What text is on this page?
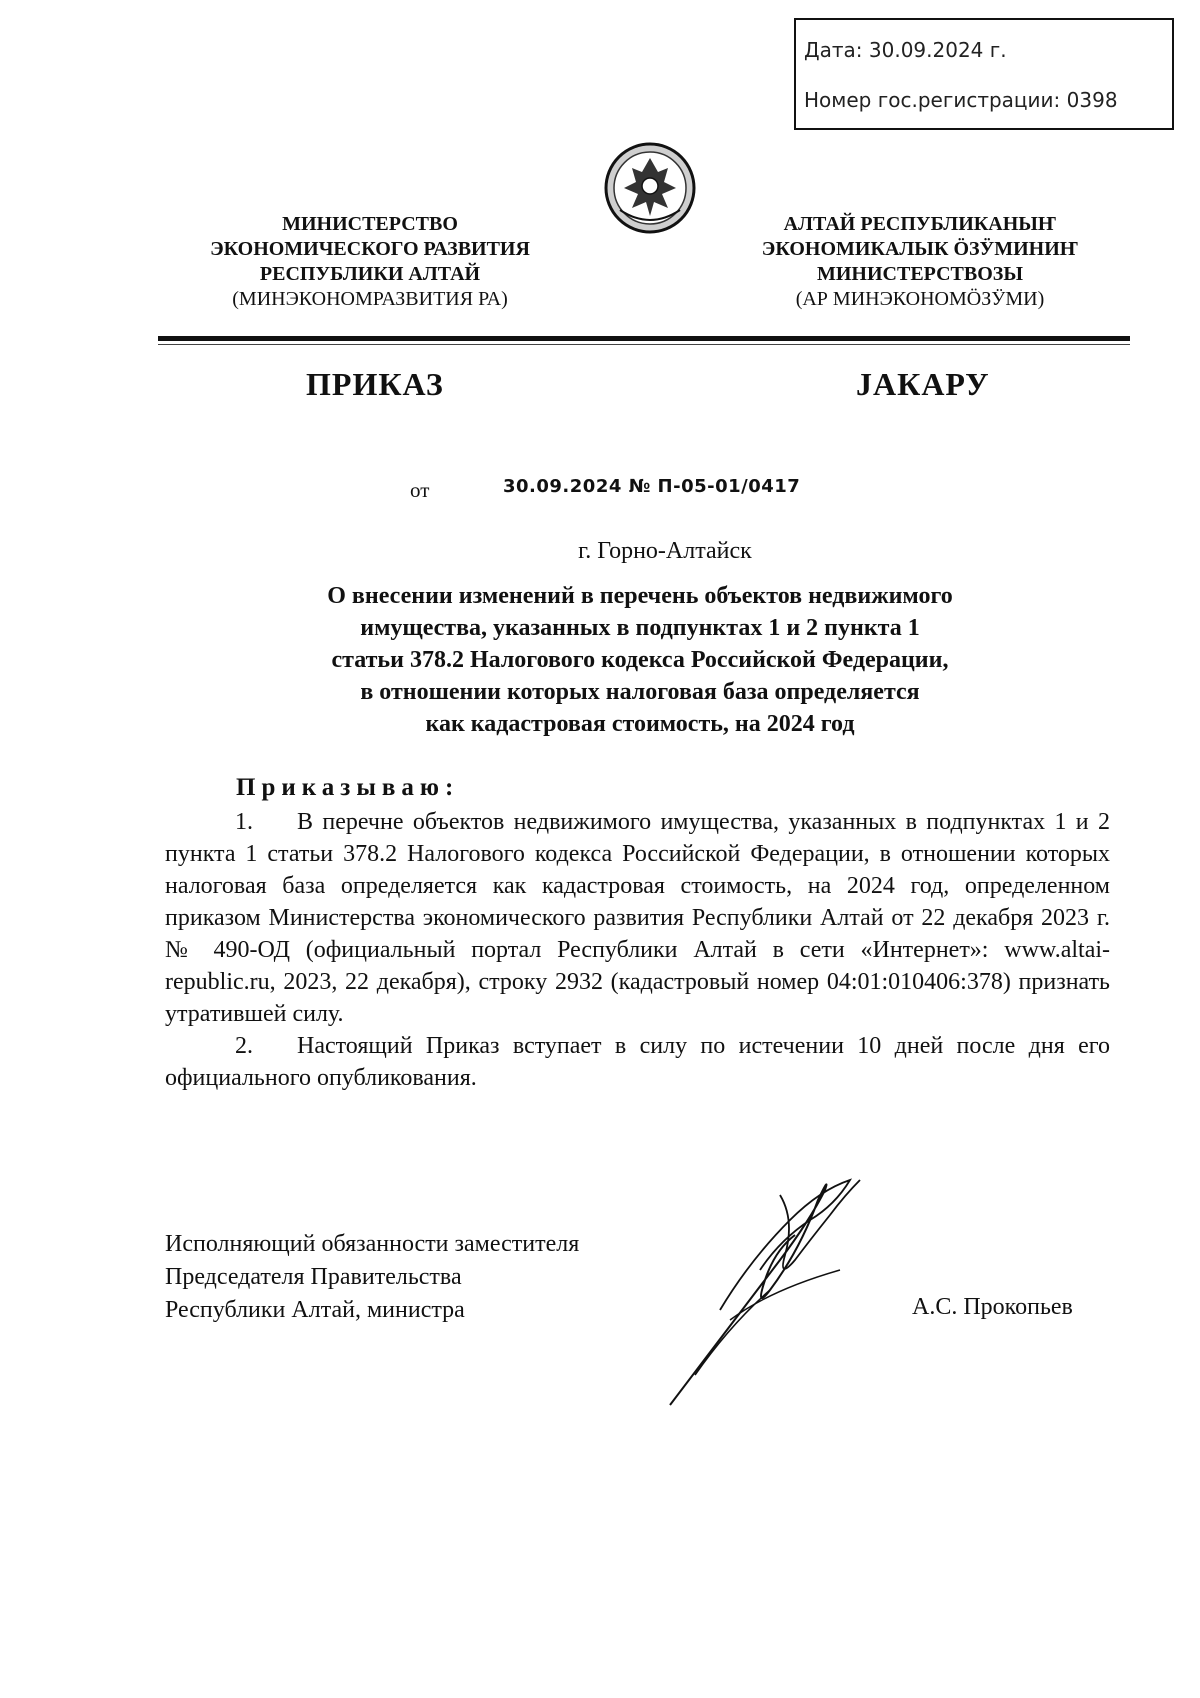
Дата: 30.09.2024 г.
Номер гос.регистрации: 0398
МИНИСТЕРСТВО
ЭКОНОМИЧЕСКОГО РАЗВИТИЯ
РЕСПУБЛИКИ АЛТАЙ
(МИНЭКОНОМРАЗВИТИЯ РА)
АЛТАЙ РЕСПУБЛИКАНЫҤ
ЭКОНОМИКАЛЫК ӦЗӰМИНИҤ
МИНИСТЕРСТВОЗЫ
(АР МИНЭКОНОМӦЗӰМИ)
ПРИКАЗ	JАКАРУ
от	30.09.2024 № П-05-01/0417
г. Горно-Алтайск
О внесении изменений в перечень объектов недвижимого
имущества, указанных в подпунктах 1 и 2 пункта 1
статьи 378.2 Налогового кодекса Российской Федерации,
в отношении которых налоговая база определяется
как кадастровая стоимость, на 2024 год
Приказываю:

1. В перечне объектов недвижимого имущества, указанных в подпунктах 1 и 2 пункта 1 статьи 378.2 Налогового кодекса Российской Федерации, в отношении которых налоговая база определяется как кадастровая стоимость, на 2024 год, определенном приказом Министерства экономического развития Республики Алтай от 22 декабря 2023 г. № 490-ОД (официальный портал Республики Алтай в сети «Интернет»: www.altai-republic.ru, 2023, 22 декабря), строку 2932 (кадастровый номер 04:01:010406:378) признать утратившей силу.

2. Настоящий Приказ вступает в силу по истечении 10 дней после дня его официального опубликования.

Исполняющий обязанности заместителя
Председателя Правительства
Республики Алтай, министра	А.С. Прокопьев
